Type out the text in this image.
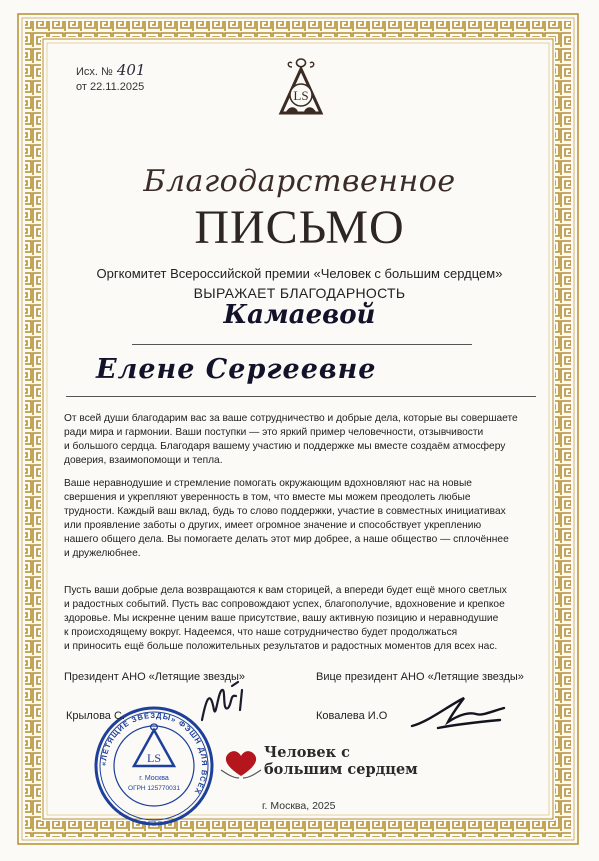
Исх. № 401
от 22.11.2025
LS
Благодарственное
ПИСЬМО
Оргкомитет Всероссийской премии «Человек с большим сердцем»
ВЫРАЖАЕТ БЛАГОДАРНОСТЬ
Камаевой
Елене Сергеевне
От всей души благодарим вас за ваше сотрудничество и добрые дела, которые вы совершаете
ради мира и гармонии. Ваши поступки — это яркий пример человечности, отзывчивости
и большого сердца. Благодаря вашему участию и поддержке мы вместе создаём атмосферу
доверия, взаимопомощи и тепла.
Ваше неравнодушие и стремление помогать окружающим вдохновляют нас на новые
свершения и укрепляют уверенность в том, что вместе мы можем преодолеть любые
трудности. Каждый ваш вклад, будь то слово поддержки, участие в совместных инициативах
или проявление заботы о других, имеет огромное значение и способствует укреплению
нашего общего дела. Вы помогаете делать этот мир добрее, а наше общество — сплочённее
и дружелюбнее.
Пусть ваши добрые дела возвращаются к вам сторицей, а впереди будет ещё много светлых
и радостных событий. Пусть вас сопровождают успех, благополучие, вдохновение и крепкое
здоровье. Мы искренне ценим ваше присутствие, вашу активную позицию и неравнодушие
к происходящему вокруг. Надеемся, что наше сотрудничество будет продолжаться
и приносить ещё больше положительных результатов и радостных моментов для всех нас.
Президент АНО «Летящие звезды»	Вице президент АНО «Летящие звезды»
«ЛЕТЯЩИЕ ЗВЕЗДЫ» ФЭШН ДЛЯ ВСЕХ
LS
г. Москва
ОГРН 125770031
Крылова С.	Ковалева И.О
Человек с
большим сердцем
г. Москва, 2025
